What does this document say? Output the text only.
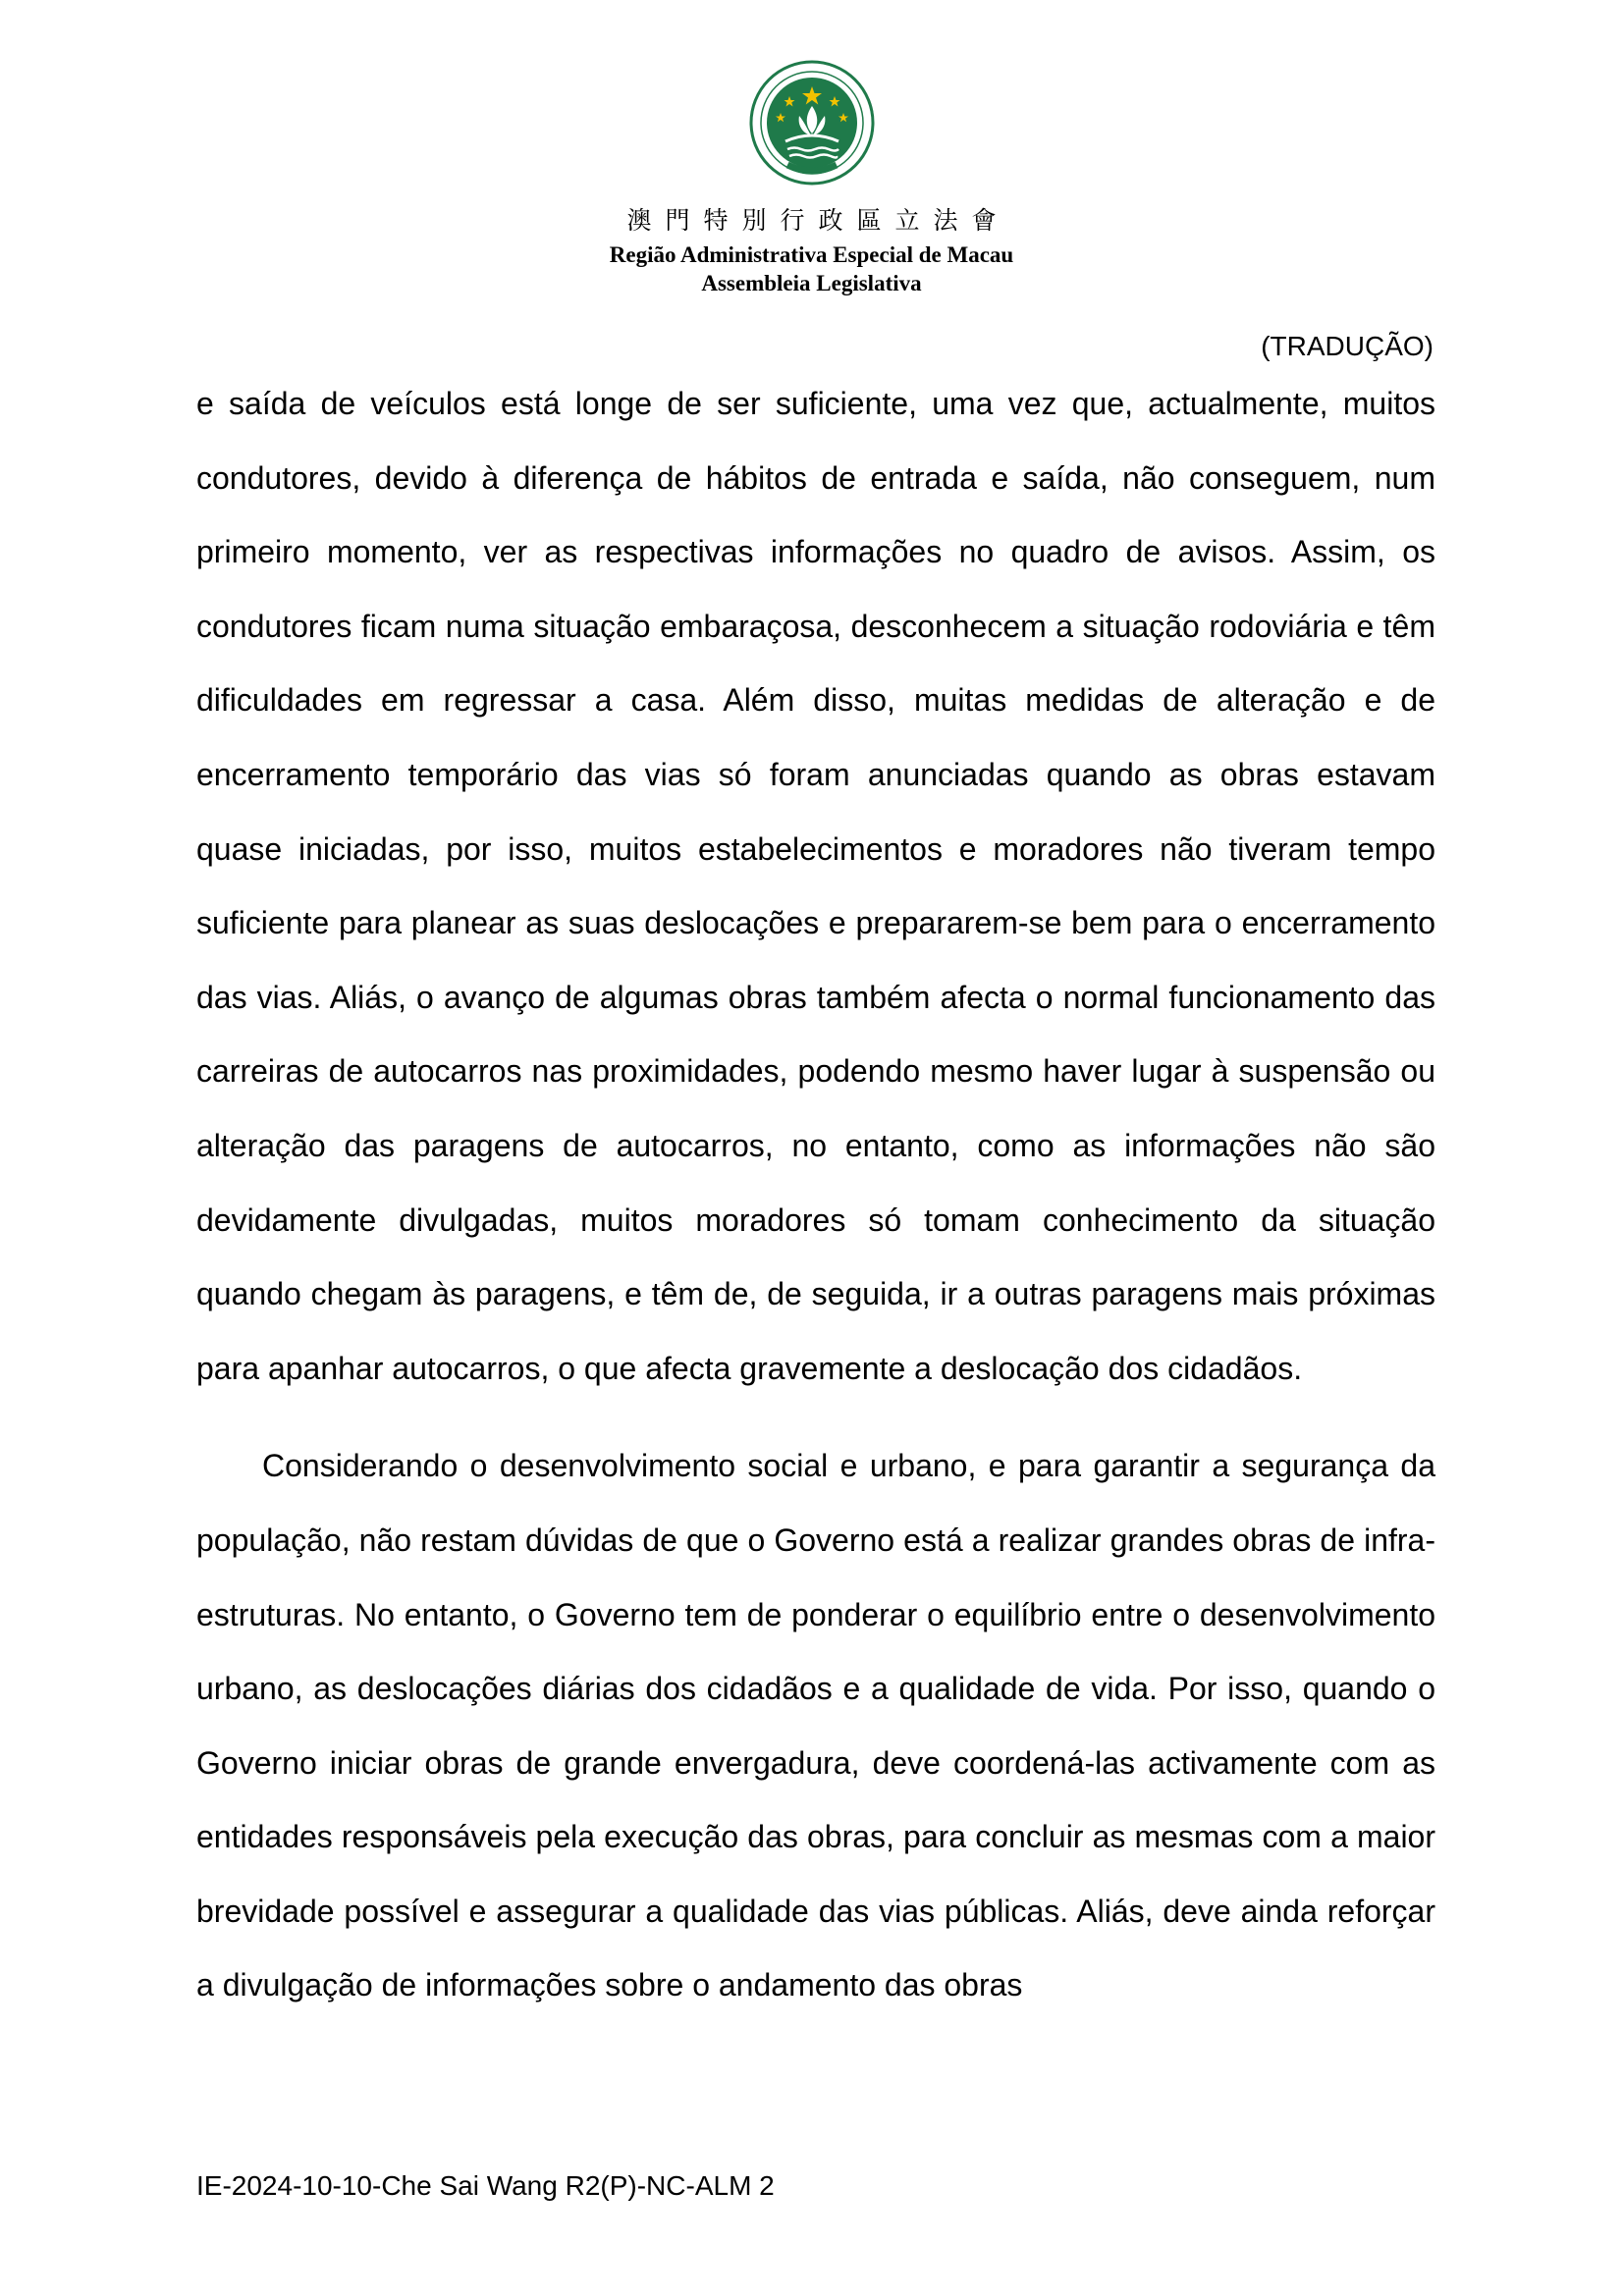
澳門特別行政區立法會
Região Administrativa Especial de Macau
Assembleia Legislativa
(TRADUÇÃO)

e saída de veículos está longe de ser suficiente, uma vez que, actualmente, muitos condutores, devido à diferença de hábitos de entrada e saída, não conseguem, num primeiro momento, ver as respectivas informações no quadro de avisos. Assim, os condutores ficam numa situação embaraçosa, desconhecem a situação rodoviária e têm dificuldades em regressar a casa. Além disso, muitas medidas de alteração e de encerramento temporário das vias só foram anunciadas quando as obras estavam quase iniciadas, por isso, muitos estabelecimentos e moradores não tiveram tempo suficiente para planear as suas deslocações e prepararem-se bem para o encerramento das vias. Aliás, o avanço de algumas obras também afecta o normal funcionamento das carreiras de autocarros nas proximidades, podendo mesmo haver lugar à suspensão ou alteração das paragens de autocarros, no entanto, como as informações não são devidamente divulgadas, muitos moradores só tomam conhecimento da situação quando chegam às paragens, e têm de, de seguida, ir a outras paragens mais próximas para apanhar autocarros, o que afecta gravemente a deslocação dos cidadãos.

Considerando o desenvolvimento social e urbano, e para garantir a segurança da população, não restam dúvidas de que o Governo está a realizar grandes obras de infra-estruturas. No entanto, o Governo tem de ponderar o equilíbrio entre o desenvolvimento urbano, as deslocações diárias dos cidadãos e a qualidade de vida. Por isso, quando o Governo iniciar obras de grande envergadura, deve coordená-las activamente com as entidades responsáveis pela execução das obras, para concluir as mesmas com a maior brevidade possível e assegurar a qualidade das vias públicas. Aliás, deve ainda reforçar a divulgação de informações sobre o andamento das obras

IE-2024-10-10-Che Sai Wang R2(P)-NC-ALM 2
